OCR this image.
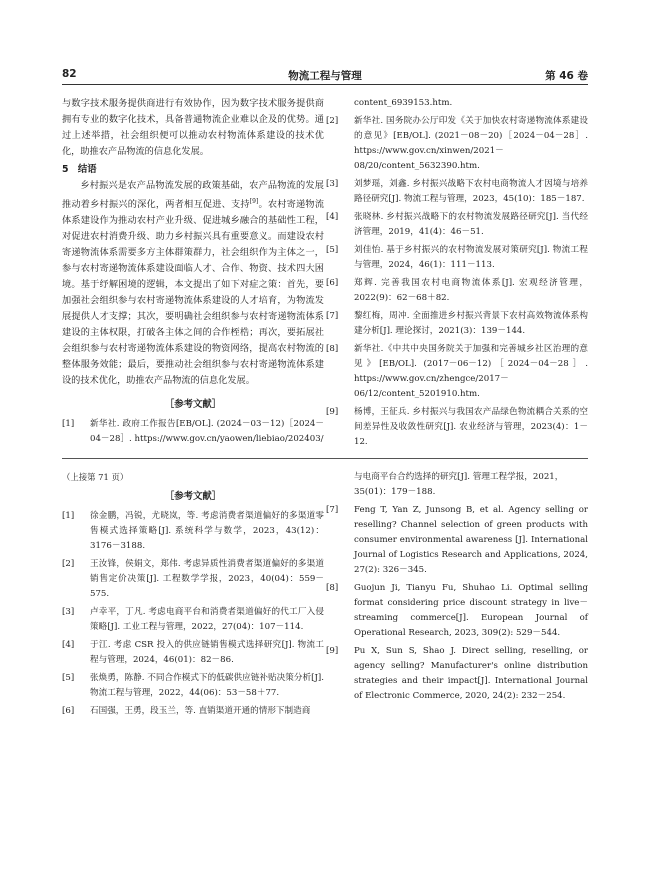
82	物流工程与管理	第 46 卷

与数字技术服务提供商进行有效协作，因为数字技术服务提供商拥有专业的数字化技术，具备普通物流企业难以企及的优势。通过上述举措，社会组织便可以推动农村物流体系建设的技术优化，助推农产品物流的信息化发展。

5　结语

乡村振兴是农产品物流发展的政策基础，农产品物流的发展推动着乡村振兴的深化，两者相互促进、支持[9]。农村寄递物流体系建设作为推动农村产业升级、促进城乡融合的基础性工程，对促进农村消费升级、助力乡村振兴具有重要意义。而建设农村寄递物流体系需要多方主体群策群力，社会组织作为主体之一，参与农村寄递物流体系建设面临人才、合作、物资、技术四大困境。基于纾解困境的逻辑，本文提出了如下对症之策：首先，要加强社会组织参与农村寄递物流体系建设的人才培育，为物流发展提供人才支撑；其次，要明确社会组织参与农村寄递物流体系建设的主体权限，打破各主体之间的合作桎梏；再次，要拓展社会组织参与农村寄递物流体系建设的物资网络，提高农村物流的整体服务效能；最后，要推动社会组织参与农村寄递物流体系建设的技术优化，助推农产品物流的信息化发展。

［参考文献］

[1] 新华社. 政府工作报告[EB/OL]. (2024－03－12)［2024－04－28］. https://www.gov.cn/yaowen/liebiao/202403/
content_6939153.htm.
[2] 新华社. 国务院办公厅印发《关于加快农村寄递物流体系建设的意见》[EB/OL]. (2021－08－20)［2024－04－28］. https://www.gov.cn/xinwen/2021－08/20/content_5632390.htm.
[3] 刘梦瑶，刘鑫. 乡村振兴战略下农村电商物流人才因境与培养路径研究[J]. 物流工程与管理，2023，45(10)：185－187.
[4] 张晓林. 乡村振兴战略下的农村物流发展路径研究[J]. 当代经济管理，2019，41(4)：46－51.
[5] 刘佳怡. 基于乡村振兴的农村物流发展对策研究[J]. 物流工程与管理，2024，46(1)：111－113.
[6] 郑辉. 完善我国农村电商物流体系[J]. 宏观经济管理，2022(9)：62－68＋82.
[7] 黎红梅，周冲. 全面推进乡村振兴背景下农村高效物流体系构建分析[J]. 理论探讨，2021(3)：139－144.
[8] 新华社.《中共中央国务院关于加强和完善城乡社区治理的意见》[EB/OL]. (2017－06－12)［2024－04－28］. https://www.gov.cn/zhengce/2017－06/12/content_5201910.htm.
[9] 杨博，王征兵. 乡村振兴与我国农产品绿色物流耦合关系的空间差异性及收敛性研究[J]. 农业经济与管理，2023(4)：1－12.

（上接第 71 页）

［参考文献］

[1] 徐金鹏，冯锐，尤晓岚，等. 考虑消费者渠道偏好的多渠道零售模式选择策略[J]. 系统科学与数学，2023，43(12)：3176－3188.
[2] 王汝锋，侯娟文，郑伟. 考虑异质性消费者渠道偏好的多渠道销售定价决策[J]. 工程数学学报，2023，40(04)：559－575.
[3] 卢幸平，丁凡. 考虑电商平台和消费者渠道偏好的代工厂入侵策略[J]. 工业工程与管理，2022，27(04)：107－114.
[4] 于江. 考虑 CSR 投入的供应链销售模式选择研究[J]. 物流工程与管理，2024，46(01)：82－86.
[5] 张焕勇，陈静. 不同合作模式下的低碳供应链补贴决策分析[J]. 物流工程与管理，2022，44(06)：53－58＋77.
[6] 石国强，王勇，段玉兰，等. 直销渠道开通的情形下制造商
与电商平台合约选择的研究[J]. 管理工程学报，2021，35(01)：179－188.
[7] Feng T, Yan Z, Junsong B, et al. Agency selling or reselling? Channel selection of green products with consumer environmental awareness [J]. International Journal of Logistics Research and Applications, 2024, 27(2): 326－345.
[8] Guojun Ji, Tianyu Fu, Shuhao Li. Optimal selling format considering price discount strategy in live－streaming commerce[J]. European Journal of Operational Research, 2023, 309(2): 529－544.
[9] Pu X, Sun S, Shao J. Direct selling, reselling, or agency selling? Manufacturer's online distribution strategies and their impact[J]. International Journal of Electronic Commerce, 2020, 24(2): 232－254.
